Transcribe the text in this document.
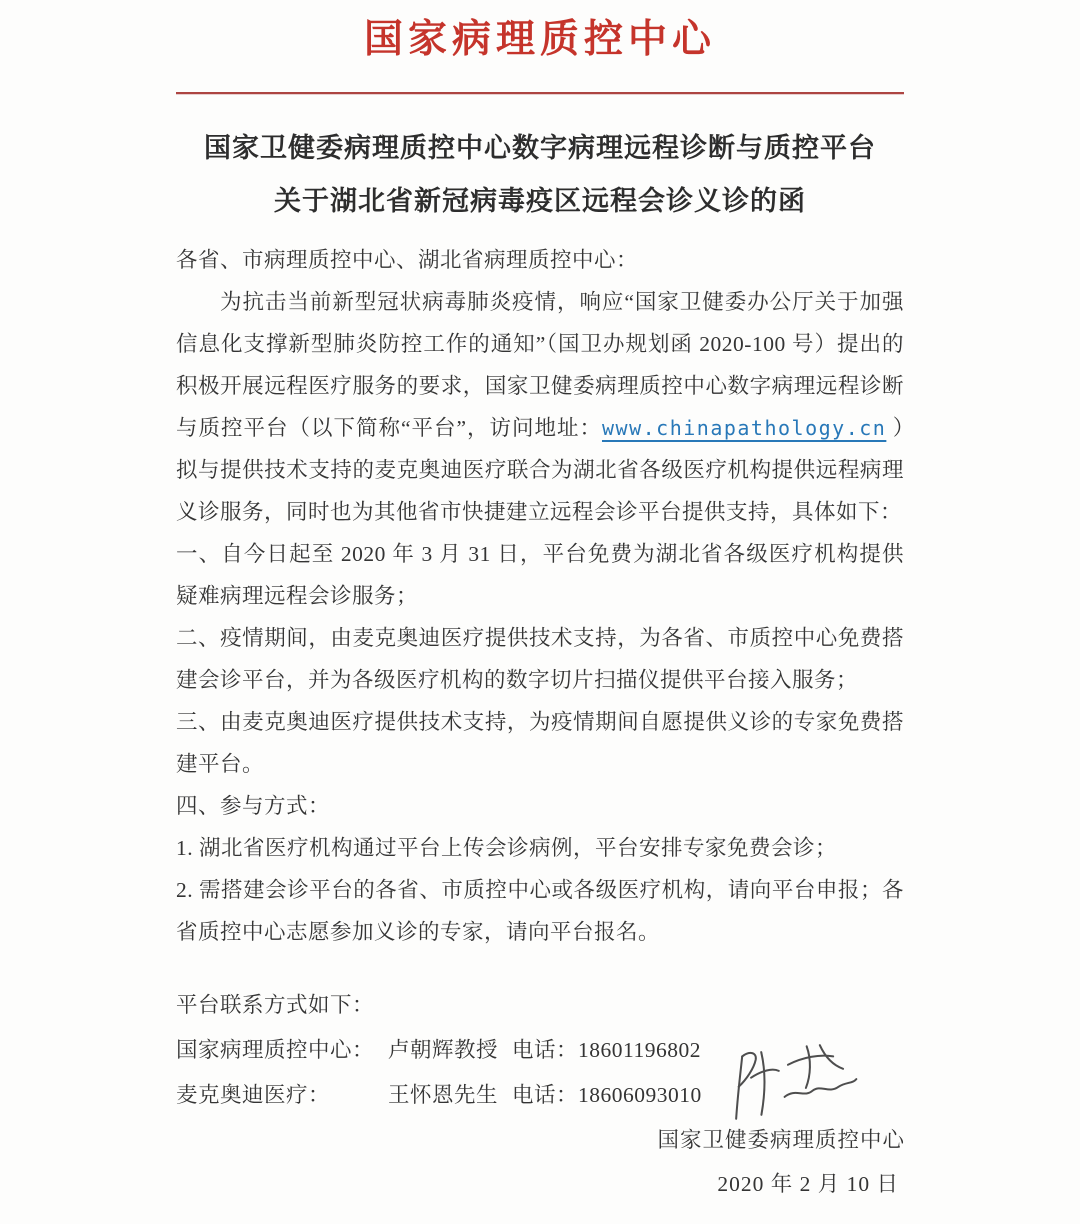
国家病理质控中心
国家卫健委病理质控中心数字病理远程诊断与质控平台
关于湖北省新冠病毒疫区远程会诊义诊的函

各省、市病理质控中心、湖北省病理质控中心：

为抗击当前新型冠状病毒肺炎疫情，响应“国家卫健委办公厅关于加强信息化支撑新型肺炎防控工作的通知”（国卫办规划函 2020-100 号）提出的积极开展远程医疗服务的要求，国家卫健委病理质控中心数字病理远程诊断与质控平台（以下简称“平台”，访问地址：www.chinapathology.cn ）拟与提供技术支持的麦克奥迪医疗联合为湖北省各级医疗机构提供远程病理义诊服务，同时也为其他省市快捷建立远程会诊平台提供支持，具体如下：

一、自今日起至 2020 年 3 月 31 日，平台免费为湖北省各级医疗机构提供疑难病理远程会诊服务；

二、疫情期间，由麦克奥迪医疗提供技术支持，为各省、市质控中心免费搭建会诊平台，并为各级医疗机构的数字切片扫描仪提供平台接入服务；

三、由麦克奥迪医疗提供技术支持，为疫情期间自愿提供义诊的专家免费搭建平台。

四、参与方式：

1. 湖北省医疗机构通过平台上传会诊病例，平台安排专家免费会诊；

2. 需搭建会诊平台的各省、市质控中心或各级医疗机构，请向平台申报；各省质控中心志愿参加义诊的专家，请向平台报名。

平台联系方式如下：

国家病理质控中心： 卢朝辉教授 电话：18601196802

麦克奥迪医疗：	王怀恩先生 电话：18606093010

国家卫健委病理质控中心
2020 年 2 月 10 日
